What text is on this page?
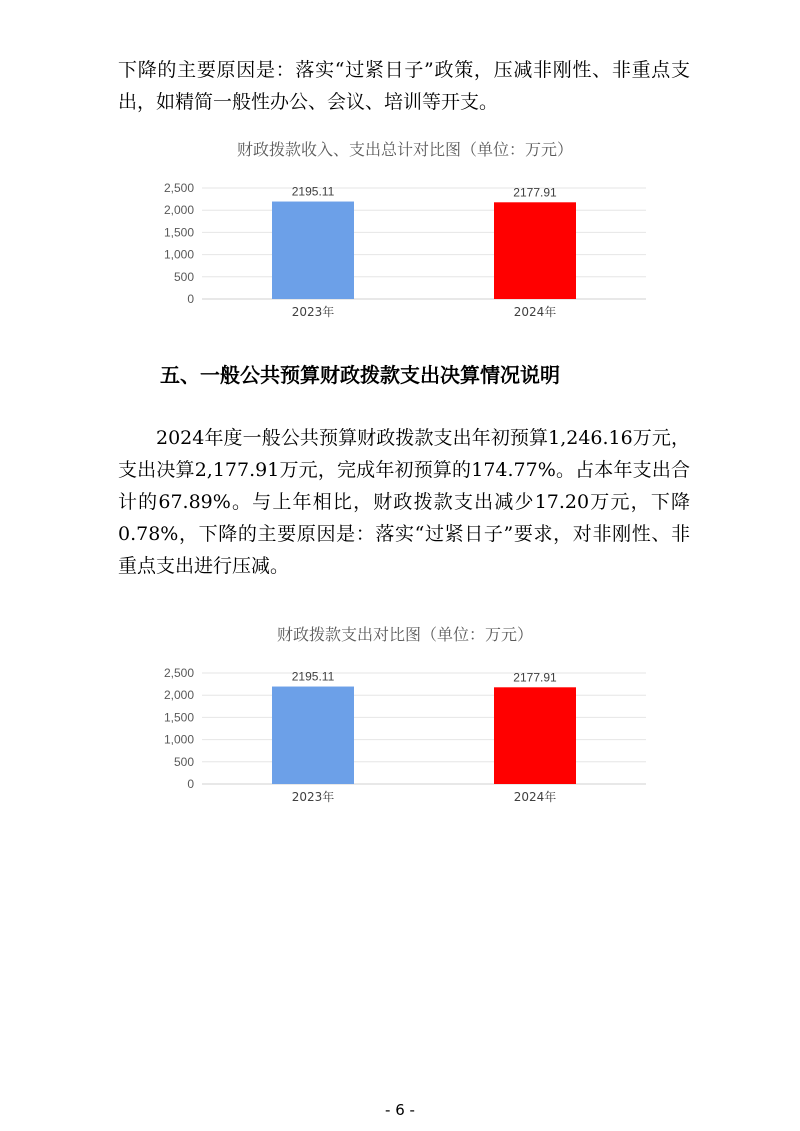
下降的主要原因是：落实“过紧日子”政策，压减非刚性、非重点支出，如精简一般性办公、会议、培训等开支。

财政拨款收入、支出总计对比图（单位：万元）
0
500
1,000
1,500
2,000
2,500	2195.11
2023年
2177.91
2024年
五、一般公共预算财政拨款支出决算情况说明

2024年度一般公共预算财政拨款支出年初预算1,246.16万元，支出决算2,177.91万元，完成年初预算的174.77%。占本年支出合计的67.89%。与上年相比，财政拨款支出减少17.20万元，下降0.78%，下降的主要原因是：落实“过紧日子”要求，对非刚性、非重点支出进行压减。

财政拨款支出对比图（单位：万元）
0
500
1,000
1,500
2,000
2,500	2195.11
2023年
2177.91
2024年
- 6 -
